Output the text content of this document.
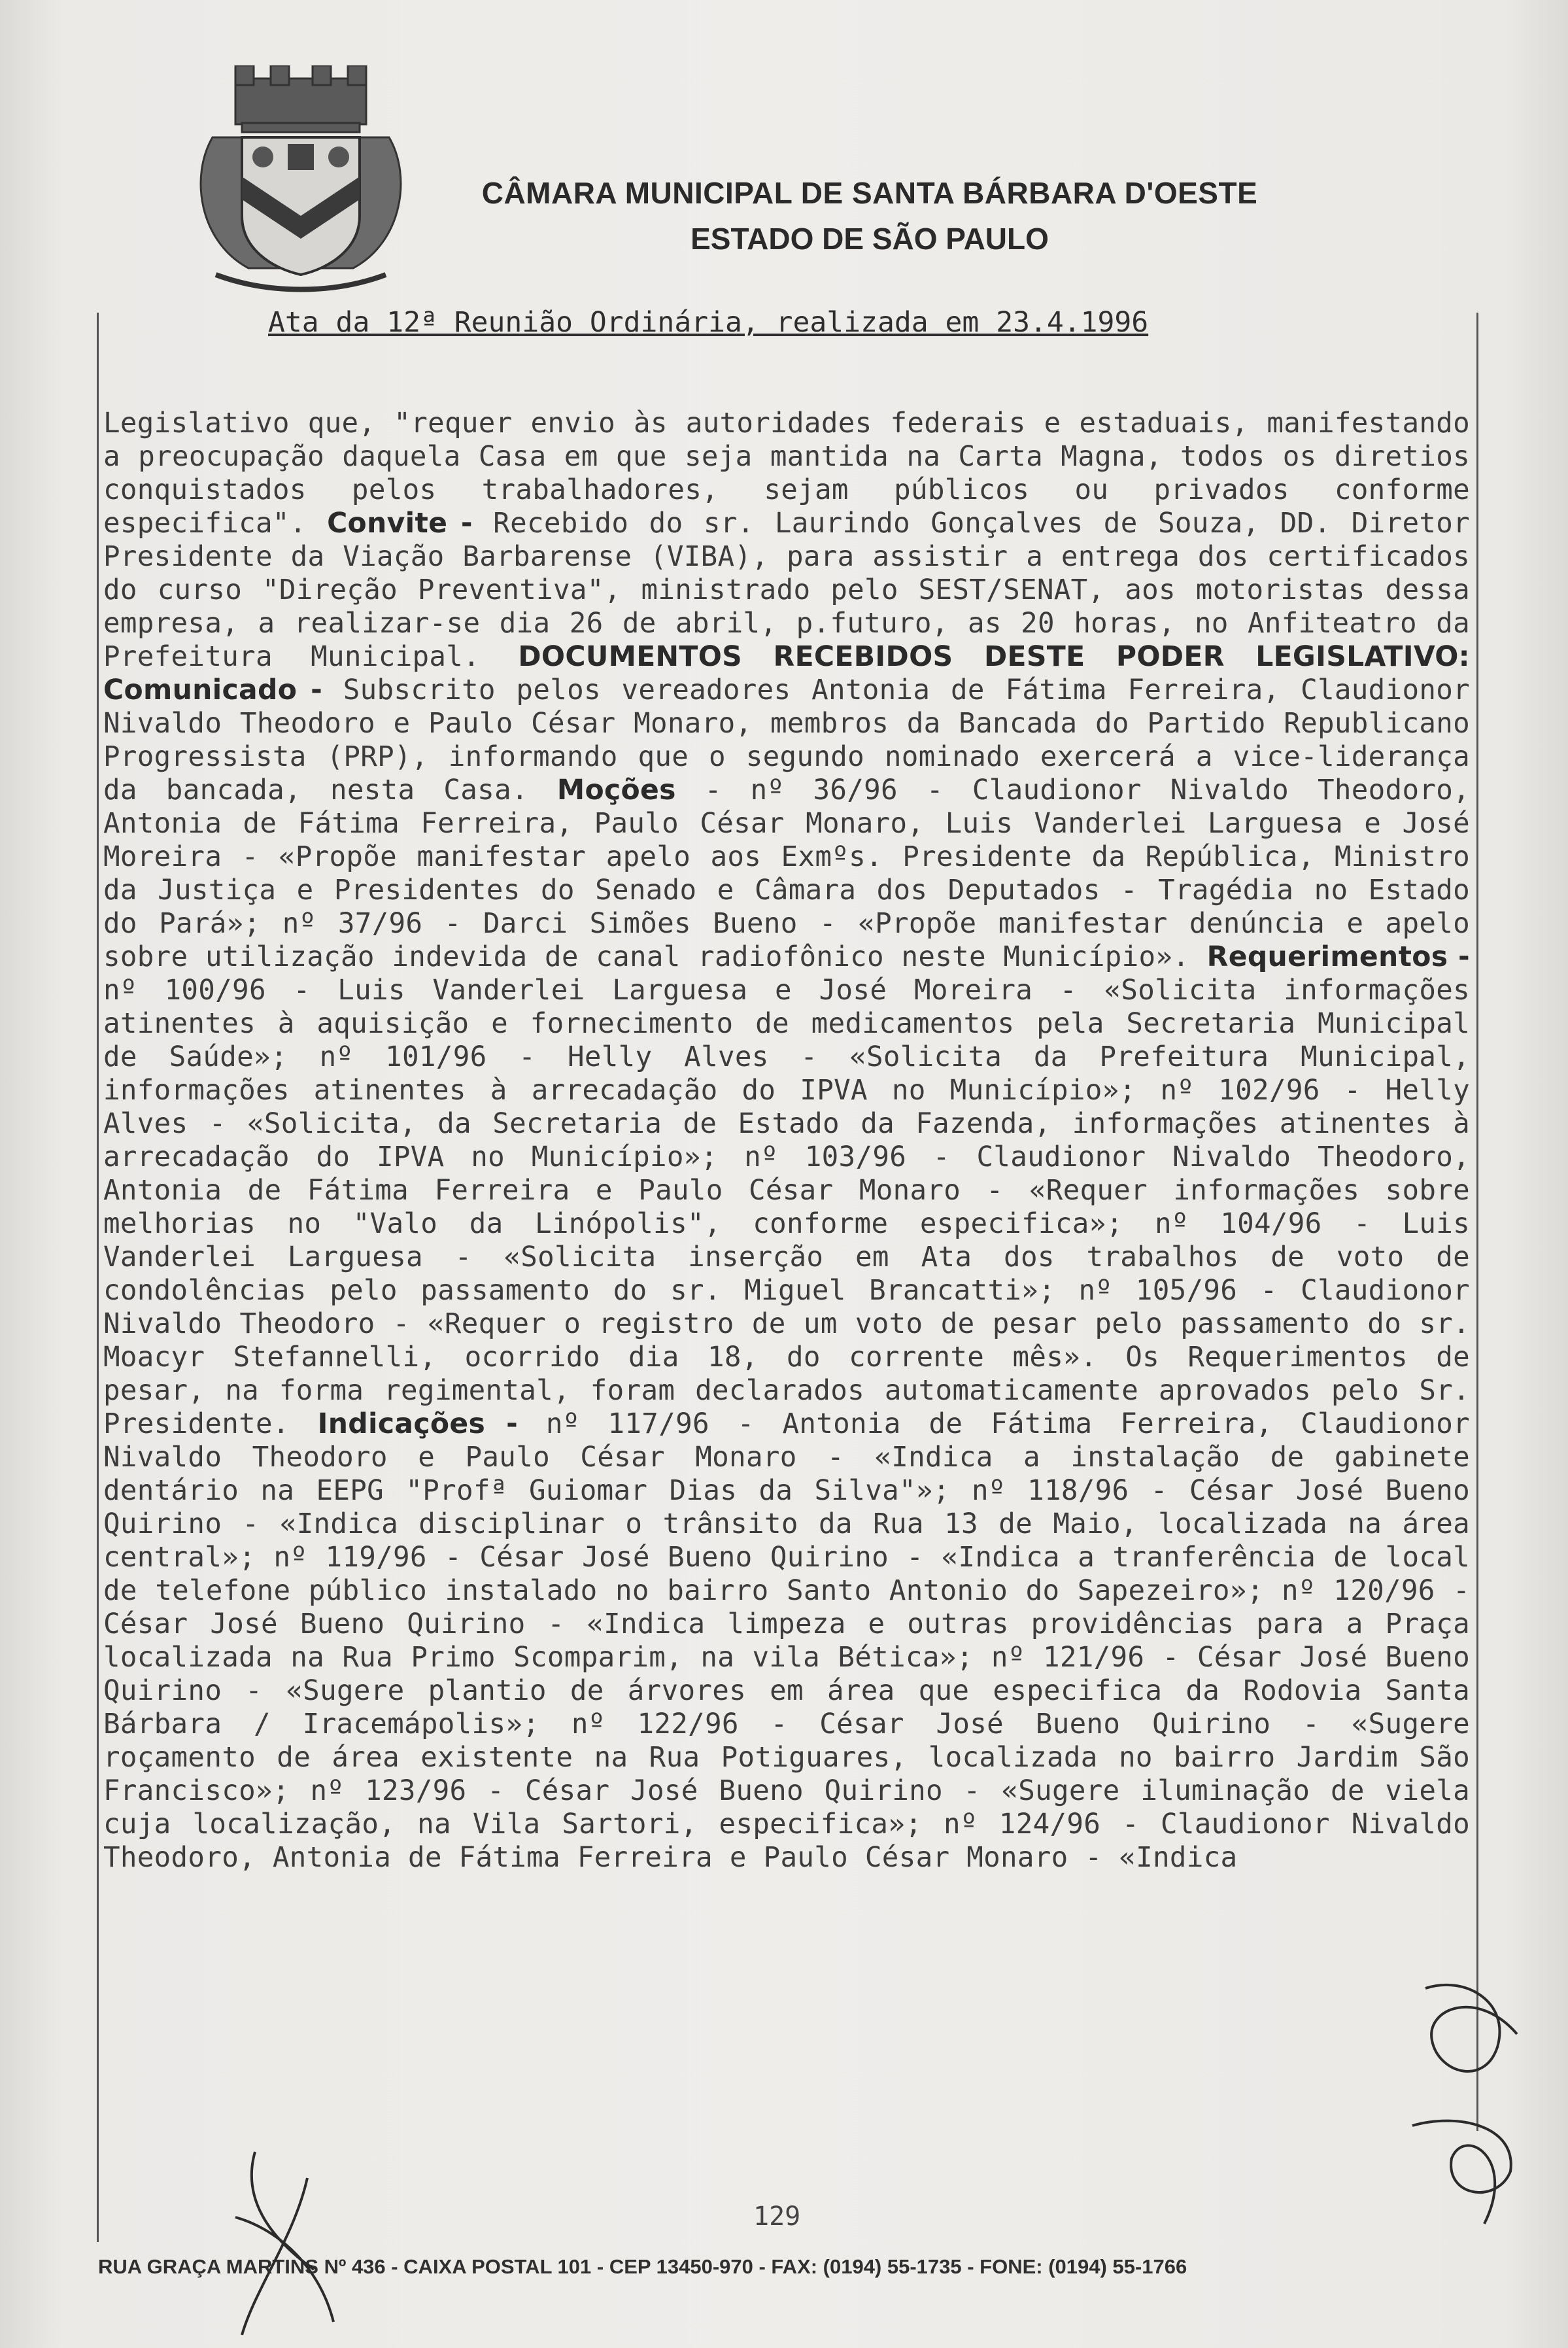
CÂMARA MUNICIPAL DE SANTA BÁRBARA D'OESTE
ESTADO DE SÃO PAULO
Ata da 12ª Reunião Ordinária, realizada em 23.4.1996
Legislativo que, "requer envio às autoridades federais e estaduais, manifestando a preocupação daquela Casa em que seja mantida na Carta Magna, todos os diretios conquistados pelos trabalhadores, sejam públicos ou privados conforme especifica". Convite - Recebido do sr. Laurindo Gonçalves de Souza, DD. Diretor Presidente da Viação Barbarense (VIBA), para assistir a entrega dos certificados do curso "Direção Preventiva", ministrado pelo SEST/SENAT, aos motoristas dessa empresa, a realizar-se dia 26 de abril, p.futuro, as 20 horas, no Anfiteatro da Prefeitura Municipal. DOCUMENTOS RECEBIDOS DESTE PODER LEGISLATIVO: Comunicado - Subscrito pelos vereadores Antonia de Fátima Ferreira, Claudionor Nivaldo Theodoro e Paulo César Monaro, membros da Bancada do Partido Republicano Progressista (PRP), informando que o segundo nominado exercerá a vice-liderança da bancada, nesta Casa. Moções - nº 36/96 - Claudionor Nivaldo Theodoro, Antonia de Fátima Ferreira, Paulo César Monaro, Luis Vanderlei Larguesa e José Moreira - «Propõe manifestar apelo aos Exmºs. Presidente da República, Ministro da Justiça e Presidentes do Senado e Câmara dos Deputados - Tragédia no Estado do Pará»; nº 37/96 - Darci Simões Bueno - «Propõe manifestar denúncia e apelo sobre utilização indevida de canal radiofônico neste Município». Requerimentos - nº 100/96 - Luis Vanderlei Larguesa e José Moreira - «Solicita informações atinentes à aquisição e fornecimento de medicamentos pela Secretaria Municipal de Saúde»; nº 101/96 - Helly Alves - «Solicita da Prefeitura Municipal, informações atinentes à arrecadação do IPVA no Município»; nº 102/96 - Helly Alves - «Solicita, da Secretaria de Estado da Fazenda, informações atinentes à arrecadação do IPVA no Município»; nº 103/96 - Claudionor Nivaldo Theodoro, Antonia de Fátima Ferreira e Paulo César Monaro - «Requer informações sobre melhorias no "Valo da Linópolis", conforme especifica»; nº 104/96 - Luis Vanderlei Larguesa - «Solicita inserção em Ata dos trabalhos de voto de condolências pelo passamento do sr. Miguel Brancatti»; nº 105/96 - Claudionor Nivaldo Theodoro - «Requer o registro de um voto de pesar pelo passamento do sr. Moacyr Stefannelli, ocorrido dia 18, do corrente mês». Os Requerimentos de pesar, na forma regimental, foram declarados automaticamente aprovados pelo Sr. Presidente. Indicações - nº 117/96 - Antonia de Fátima Ferreira, Claudionor Nivaldo Theodoro e Paulo César Monaro - «Indica a instalação de gabinete dentário na EEPG "Profª Guiomar Dias da Silva"»; nº 118/96 - César José Bueno Quirino - «Indica disciplinar o trânsito da Rua 13 de Maio, localizada na área central»; nº 119/96 - César José Bueno Quirino - «Indica a tranferência de local de telefone público instalado no bairro Santo Antonio do Sapezeiro»; nº 120/96 - César José Bueno Quirino - «Indica limpeza e outras providências para a Praça localizada na Rua Primo Scomparim, na vila Bética»; nº 121/96 - César José Bueno Quirino - «Sugere plantio de árvores em área que especifica da Rodovia Santa Bárbara / Iracemápolis»; nº 122/96 - César José Bueno Quirino - «Sugere roçamento de área existente na Rua Potiguares, localizada no bairro Jardim São Francisco»; nº 123/96 - César José Bueno Quirino - «Sugere iluminação de viela cuja localização, na Vila Sartori, especifica»; nº 124/96 - Claudionor Nivaldo Theodoro, Antonia de Fátima Ferreira e Paulo César Monaro - «Indica
129
RUA GRAÇA MARTINS Nº 436 - CAIXA POSTAL 101 - CEP 13450-970 - FAX: (0194) 55-1735 - FONE: (0194) 55-1766
